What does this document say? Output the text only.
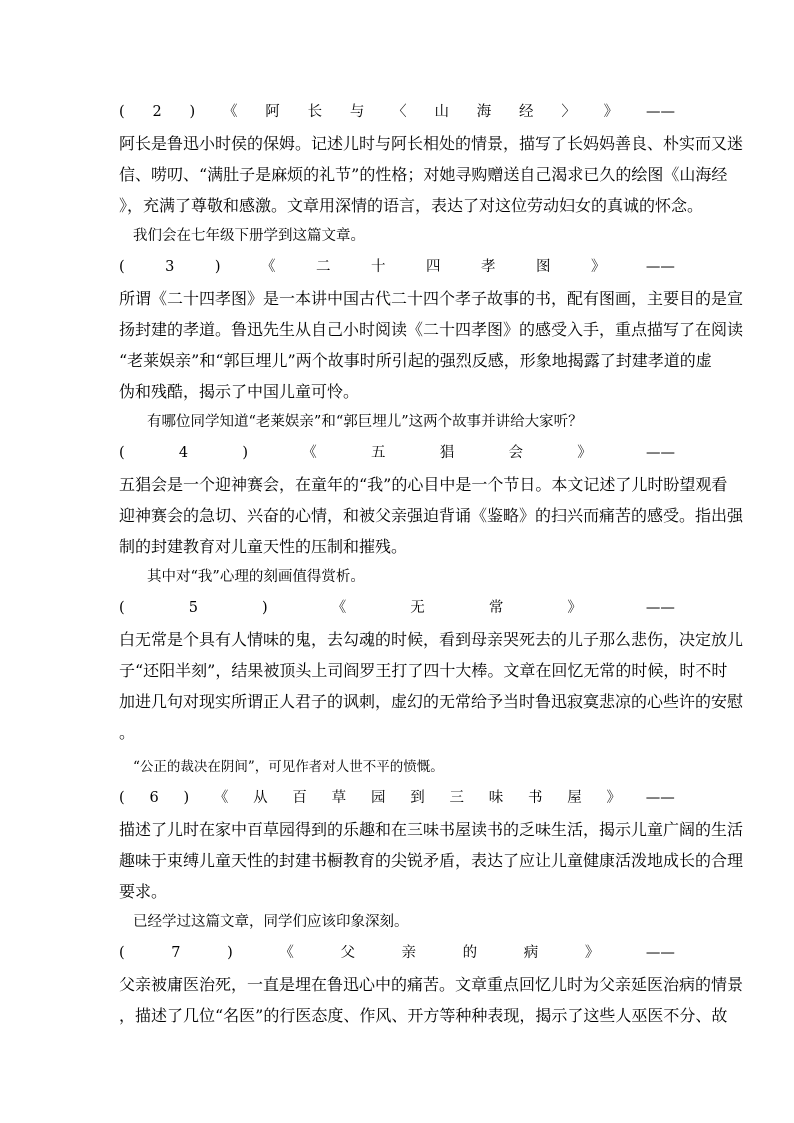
( 2 ) 《 阿 长 与 〈 山 海 经 〉 》 ——
阿长是鲁迅小时侯的保姆。记述儿时与阿长相处的情景，描写了长妈妈善良、朴实而又迷
信、唠叨、“满肚子是麻烦的礼节”的性格；对她寻购赠送自己渴求已久的绘图《山海经
》，充满了尊敬和感激。文章用深情的语言，表达了对这位劳动妇女的真诚的怀念。
我们会在七年级下册学到这篇文章。
(	3	)	《	二	十	四	孝	图	》	——
所谓《二十四孝图》是一本讲中国古代二十四个孝子故事的书，配有图画，主要目的是宣
扬封建的孝道。鲁迅先生从自己小时阅读《二十四孝图》的感受入手，重点描写了在阅读
“老莱娱亲”和“郭巨埋儿”两个故事时所引起的强烈反感，形象地揭露了封建孝道的虚
伪和残酷，揭示了中国儿童可怜。
有哪位同学知道“老莱娱亲”和“郭巨埋儿”这两个故事并讲给大家听？
(	4	)	《	五	猖	会	》	——
五猖会是一个迎神赛会，在童年的“我”的心目中是一个节日。本文记述了儿时盼望观看
迎神赛会的急切、兴奋的心情，和被父亲强迫背诵《鉴略》的扫兴而痛苦的感受。指出强
制的封建教育对儿童天性的压制和摧残。
其中对“我”心理的刻画值得赏析。
(	5	)	《	无	常	》	——
白无常是个具有人情味的鬼，去勾魂的时候，看到母亲哭死去的儿子那么悲伤，决定放儿
子“还阳半刻”，结果被顶头上司阎罗王打了四十大棒。文章在回忆无常的时候，时不时
加进几句对现实所谓正人君子的讽刺，虚幻的无常给予当时鲁迅寂寞悲凉的心些许的安慰
。
“公正的裁决在阴间”，可见作者对人世不平的愤慨。
( 6 ) 《 从 百 草 园 到 三 味 书 屋 》 ——
描述了儿时在家中百草园得到的乐趣和在三味书屋读书的乏味生活，揭示儿童广阔的生活
趣味于束缚儿童天性的封建书橱教育的尖锐矛盾，表达了应让儿童健康活泼地成长的合理
要求。
已经学过这篇文章，同学们应该印象深刻。
(	7	)	《	父	亲	的	病	》	——
父亲被庸医治死，一直是埋在鲁迅心中的痛苦。文章重点回忆儿时为父亲延医治病的情景
，描述了几位“名医”的行医态度、作风、开方等种种表现，揭示了这些人巫医不分、故
